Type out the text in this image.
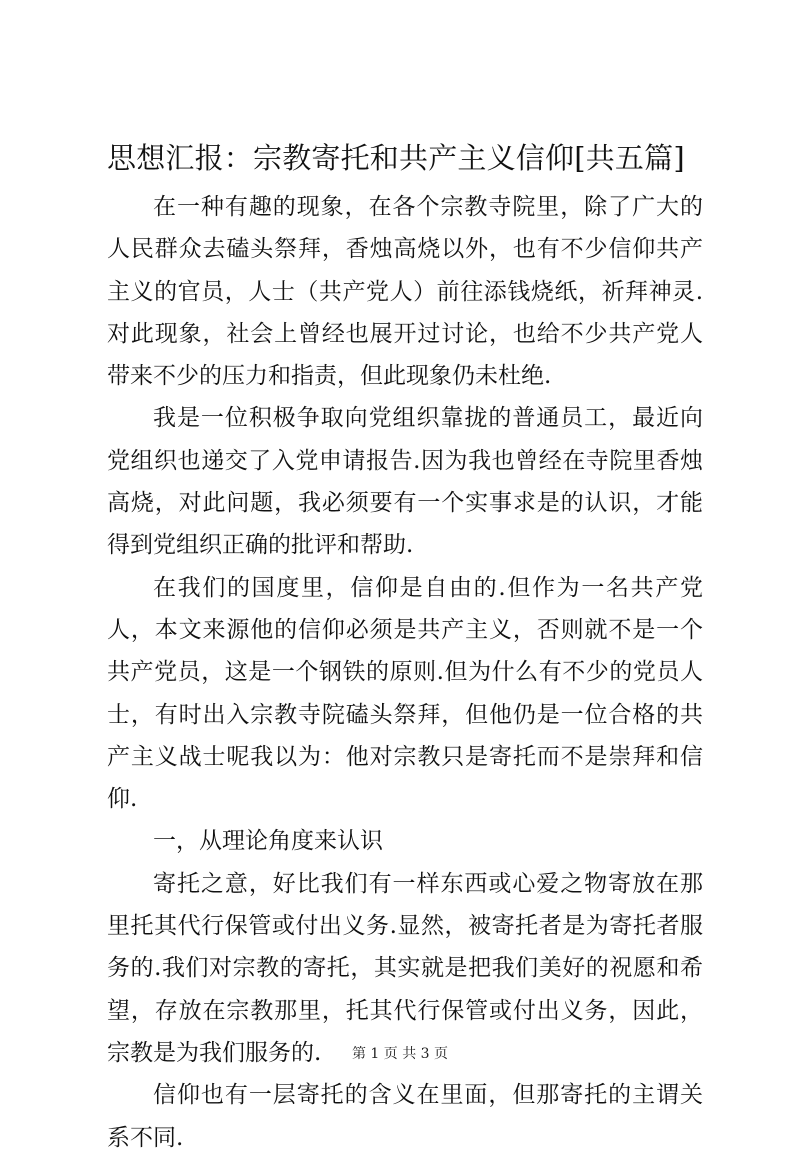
思想汇报：宗教寄托和共产主义信仰[共五篇]

在一种有趣的现象，在各个宗教寺院里，除了广大的人民群众去磕头祭拜，香烛高烧以外，也有不少信仰共产主义的官员，人士（共产党人）前往添钱烧纸，祈拜神灵.对此现象，社会上曾经也展开过讨论，也给不少共产党人带来不少的压力和指责，但此现象仍未杜绝.

我是一位积极争取向党组织靠拢的普通员工，最近向党组织也递交了入党申请报告.因为我也曾经在寺院里香烛高烧，对此问题，我必须要有一个实事求是的认识，才能得到党组织正确的批评和帮助.

在我们的国度里，信仰是自由的.但作为一名共产党人，本文来源他的信仰必须是共产主义，否则就不是一个共产党员，这是一个钢铁的原则.但为什么有不少的党员人士，有时出入宗教寺院磕头祭拜，但他仍是一位合格的共产主义战士呢我以为：他对宗教只是寄托而不是崇拜和信仰.

一，从理论角度来认识

寄托之意，好比我们有一样东西或心爱之物寄放在那里托其代行保管或付出义务.显然，被寄托者是为寄托者服务的.我们对宗教的寄托，其实就是把我们美好的祝愿和希望，存放在宗教那里，托其代行保管或付出义务，因此，宗教是为我们服务的.

信仰也有一层寄托的含义在里面，但那寄托的主谓关系不同.

第 1 页 共 3 页
